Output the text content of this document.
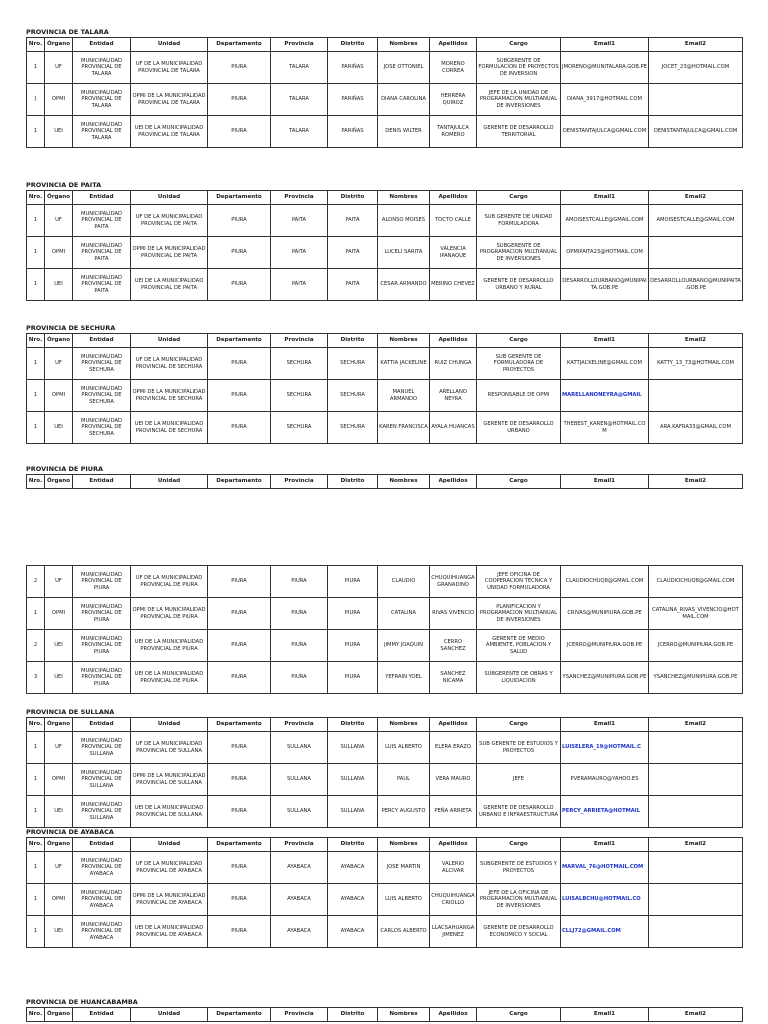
PROVINCIA DE TALARA
Nro.	Órgano	Entidad	Unidad	Departamento	Provincia	Distrito	Nombres	Apellidos	Cargo	Email1	Email2
1	UF	MUNICIPALIDAD PROVINCIAL DE TALARA	UF DE LA MUNICIPALIDAD PROVINCIAL DE TALARA	PIURA	TALARA	PARIÑAS	JOSE OTTONIEL	MORENO CORREA	SUBGERENTE DE FORMULACION DE PROYECTOS DE INVERSION	JMORENO@MUNITALARA.GOB.PE	JOCET_23@HOTMAIL.COM
}	OPMI	MUNICIPALIDAD PROVINCIAL DE TALARA	OPMI DE LA MUNICIPALIDAD PROVINCIAL DE TALARA	PIURA	TALARA	PARIÑAS	DIANA CAROLINA	HERRERA QUIROZ	JEFE DE LA UNIDAD DE PROGRAMACION MULTIANUAL DE INVERSIONES	DIANA_3917@HOTMAIL.COM	
1	UEI	MUNICIPALIDAD PROVINCIAL DE TALARA	UEI DE LA MUNICIPALIDAD PROVINCIAL DE TALARA	PIURA	TALARA	PARIÑAS	DENIS WILTER	TANTAJULCA ROMERO	GERENTE DE DESARROLLO TERRITORIAL	DENISTANTAJULCA@GMAIL.COM	DENISTANTAJULCA@GMAIL.COM
PROVINCIA DE PAITA
Nro.	Órgano	Entidad	Unidad	Departamento	Provincia	Distrito	Nombres	Apellidos	Cargo	Email1	Email2
1	UF	MUNICIPALIDAD PROVINCIAL DE PAITA	UF DE LA MUNICIPALIDAD PROVINCIAL DE PAITA	PIURA	PAITA	PAITA	ALONSO MOISES	TOCTO CALLE	SUB GERENTE DE UNIDAD FORMULADORA	AMOISESTCALLE@GMAIL.COM	AMOISESTCALLE@GMAIL.COM
1	OPMI	MUNICIPALIDAD PROVINCIAL DE PAITA	OPMI DE LA MUNICIPALIDAD PROVINCIAL DE PAITA	PIURA	PAITA	PAITA	LUCELI SARITA	VALENCIA IPANAQUE	SUBGERENTE DE PROGRAMACION MULTIANUAL DE INVERSIONES	OPMIPAITA23@HOTMAIL.COM	
1	UEI	MUNICIPALIDAD PROVINCIAL DE PAITA	UEI DE LA MUNICIPALIDAD PROVINCIAL DE PAITA	PIURA	PAITA	PAITA	CESAR ARMANDO	MERINO CHEVEZ	GERENTE DE DESARROLLO URBANO Y RURAL	DESARROLLOURBANO@MUNIPAITA.GOB.PE	DESARROLLOURBANO@MUNIPAITA.GOB.PE
PROVINCIA DE SECHURA
Nro.	Órgano	Entidad	Unidad	Departamento	Provincia	Distrito	Nombres	Apellidos	Cargo	Email1	Email2
1	UF	MUNICIPALIDAD PROVINCIAL DE SECHURA	UF DE LA MUNICIPALIDAD PROVINCIAL DE SECHURA	PIURA	SECHURA	SECHURA	KATTIA JACKELINE	RUIZ CHUNGA	SUB GERENTE DE FORMULADORA DE PROYECTOS	KATTJACKELINE@GMAIL.COM	KATTY_13_73@HOTMAIL.COM
1	OPMI	MUNICIPALIDAD PROVINCIAL DE SECHURA	OPMI DE LA MUNICIPALIDAD PROVINCIAL DE SECHURA	PIURA	SECHURA	SECHURA	MANUEL ARMANDO	ARELLANO NEYRA	RESPONSABLE DE OPMI	MARELLANONEYRA@GMAIL	
1	UEI	MUNICIPALIDAD PROVINCIAL DE SECHURA	UEI DE LA MUNICIPALIDAD PROVINCIAL DE SECHURA	PIURA	SECHURA	SECHURA	KAREN FRANCISCA	AYALA HUANCAS	GERENTE DE DESARROLLO URBANO	THEBEST_KAREN@HOTMAIL.COM	ARA.KAFRA33@GMAIL.COM
PROVINCIA DE PIURA
Nro.	Órgano	Entidad	Unidad	Departamento	Provincia	Distrito	Nombres	Apellidos	Cargo	Email1	Email2
2	UF	MUNICIPALIDAD PROVINCIAL DE PIURA	UF DE LA MUNICIPALIDAD PROVINCIAL DE PIURA	PIURA	PIURA	PIURA	CLAUDIO	CHUQUIHUANGA GRANADINO	JEFE OFICINA DE COOPERACION TECNICA Y UNIDAD FORMULADORA	CLAUDIOCHUQ8@GMAIL.COM	CLAUDIOCHUQ8@GMAIL.COM
1	OPMI	MUNICIPALIDAD PROVINCIAL DE PIURA	OPMI DE LA MUNICIPALIDAD PROVINCIAL DE PIURA	PIURA	PIURA	PIURA	CATALINA	RIVAS VIVENCIO	PLANIFICACION Y PROGRAMACION MULTIANUAL DE INVERSIONES	CRIVAS@MUNIPIURA.GOB.PE	CATALINA_RIVAS_VIVENCIO@HOTMAIL.COM
2	UEI	MUNICIPALIDAD PROVINCIAL DE PIURA	UEI DE LA MUNICIPALIDAD PROVINCIAL DE PIURA	PIURA	PIURA	PIURA	JIMMY JOAQUIN	CERRO SANCHEZ	GERENTE DE MEDIO AMBIENTE, POBLACION Y SALUD	JCERRO@MUNIPIURA.GOB.PE	JCERRO@MUNIPIURA.GOB.PE
3	UEI	MUNICIPALIDAD PROVINCIAL DE PIURA	UEI DE LA MUNICIPALIDAD PROVINCIAL DE PIURA	PIURA	PIURA	PIURA	YEFRAIN YOEL	SANCHEZ NICAMA	SUBGERENTE DE OBRAS Y LIQUIDACION	YSANCHEZ@MUNIPIURA.GOB.PE	YSANCHEZ@MUNIPIURA.GOB.PE
PROVINCIA DE SULLANA
Nro.	Órgano	Entidad	Unidad	Departamento	Provincia	Distrito	Nombres	Apellidos	Cargo	Email1	Email2
1	UF	MUNICIPALIDAD PROVINCIAL DE SULLANA	UF DE LA MUNICIPALIDAD PROVINCIAL DE SULLANA	PIURA	SULLANA	SULLANA	LUIS ALBERTO	ELERA ERAZO	SUB GERENTE DE ESTUDIOS Y PROYECTOS	LUISELERA_19@HOTMAIL.C	
1	OPMI	MUNICIPALIDAD PROVINCIAL DE SULLANA	OPMI DE LA MUNICIPALIDAD PROVINCIAL DE SULLANA	PIURA	SULLANA	SULLANA	PAUL	VERA MAURO	JEFE	PVERAMAURO@YAHOO.ES	
1	UEI	MUNICIPALIDAD PROVINCIAL DE SULLANA	UEI DE LA MUNICIPALIDAD PROVINCIAL DE SULLANA	PIURA	SULLANA	SULLANA	PERCY AUGUSTO	PEÑA ARRIETA	GERENTE DE DESARROLLO URBANO E INFRAESTRUCTURA	PERCY_ARRIETA@HOTMAIL	
PROVINCIA DE AYABACA
Nro.	Órgano	Entidad	Unidad	Departamento	Provincia	Distrito	Nombres	Apellidos	Cargo	Email1	Email2
1	UF	MUNICIPALIDAD PROVINCIAL DE AYABACA	UF DE LA MUNICIPALIDAD PROVINCIAL DE AYABACA	PIURA	AYABACA	AYABACA	JOSE MARTIN	VALERIO ALCIVAR	SUBGERENTE DE ESTUDIOS Y PROYECTOS	MARVAL_76@HOTMAIL.COM	
1	OPMI	MUNICIPALIDAD PROVINCIAL DE AYABACA	OPMI DE LA MUNICIPALIDAD PROVINCIAL DE AYABACA	PIURA	AYABACA	AYABACA	LUIS ALBERTO	CHUQUIHUANGA CRIOLLO	JEFE DE LA OFICINA DE PROGRAMACION MULTIANUAL DE INVERSIONES	LUISALBCHU@HOTMAIL.CO	
1	UEI	MUNICIPALIDAD PROVINCIAL DE AYABACA	UEI DE LA MUNICIPALIDAD PROVINCIAL DE AYABACA	PIURA	AYABACA	AYABACA	CARLOS ALBERTO	LLACSAHUANGA JIMENEZ	GERENTE DE DESARROLLO ECONOMICO Y SOCIAL	CLLJ72@GMAIL.COM	
PROVINCIA DE HUANCABAMBA
Nro.	Órgano	Entidad	Unidad	Departamento	Provincia	Distrito	Nombres	Apellidos	Cargo	Email1	Email2
